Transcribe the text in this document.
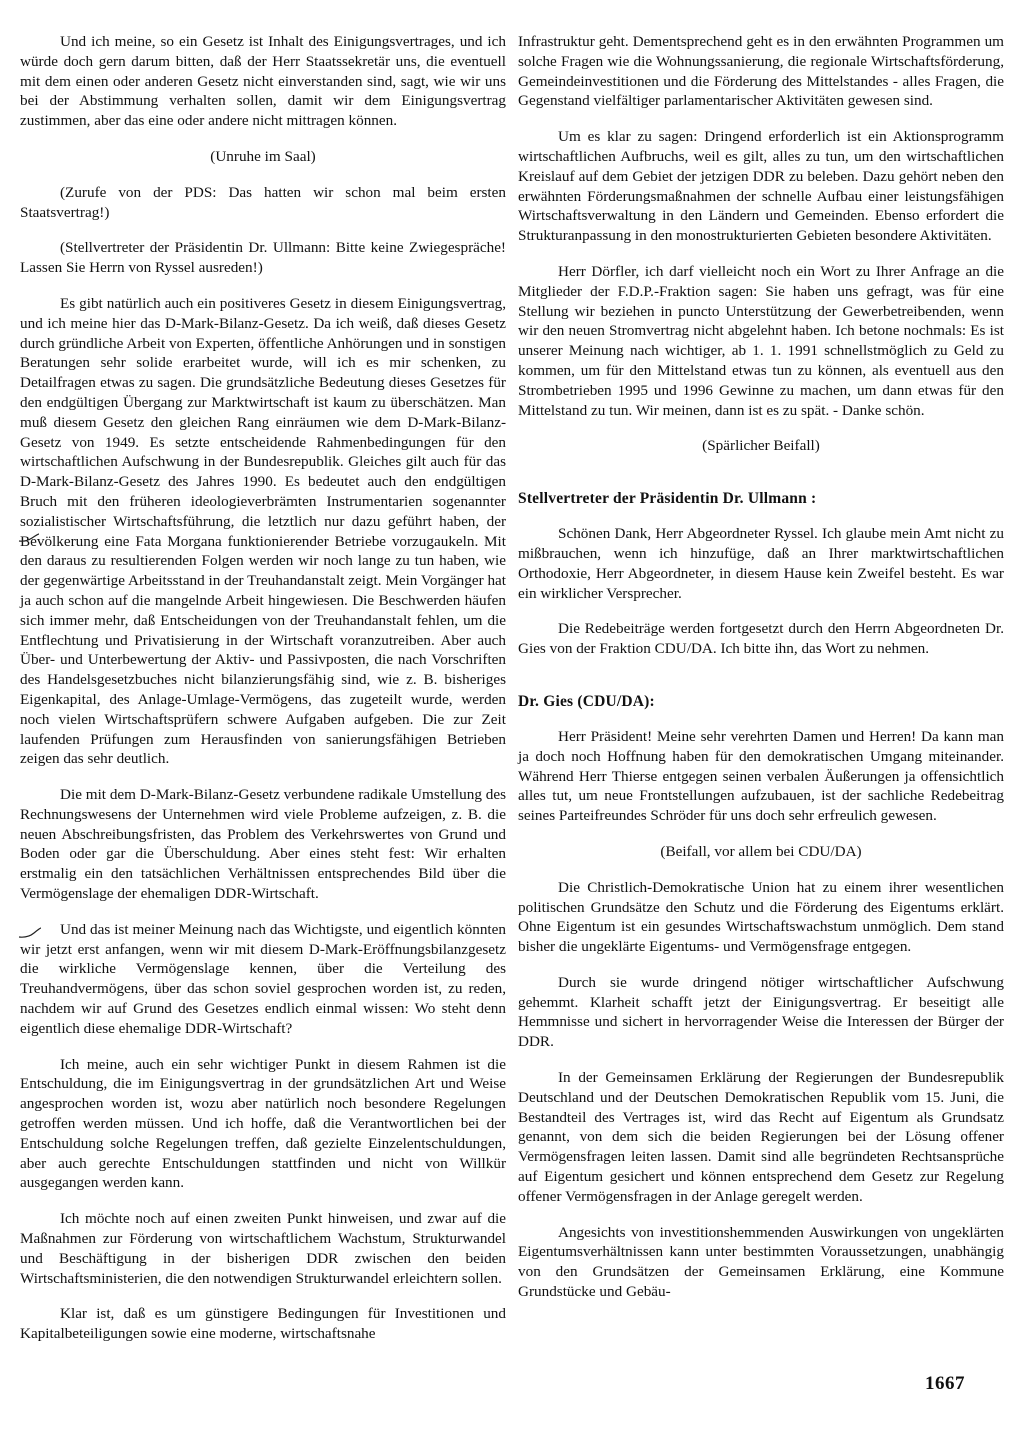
Und ich meine, so ein Gesetz ist Inhalt des Einigungsvertrages, und ich würde doch gern darum bitten, daß der Herr Staatssekretär uns, die eventuell mit dem einen oder anderen Gesetz nicht einverstanden sind, sagt, wie wir uns bei der Abstimmung verhalten sollen, damit wir dem Einigungsvertrag zustimmen, aber das eine oder andere nicht mittragen können.

(Unruhe im Saal)

(Zurufe von der PDS: Das hatten wir schon mal beim ersten Staatsvertrag!)

(Stellvertreter der Präsidentin Dr. Ullmann: Bitte keine Zwiegespräche! Lassen Sie Herrn von Ryssel ausreden!)

Es gibt natürlich auch ein positiveres Gesetz in diesem Einigungsvertrag, und ich meine hier das D-Mark-Bilanz-Gesetz. Da ich weiß, daß dieses Gesetz durch gründliche Arbeit von Experten, öffentliche Anhörungen und in sonstigen Beratungen sehr solide erarbeitet wurde, will ich es mir schenken, zu Detailfragen etwas zu sagen. Die grundsätzliche Bedeutung dieses Gesetzes für den endgültigen Übergang zur Marktwirtschaft ist kaum zu überschätzen. Man muß diesem Gesetz den gleichen Rang einräumen wie dem D-Mark-Bilanz-Gesetz von 1949. Es setzte entscheidende Rahmenbedingungen für den wirtschaftlichen Aufschwung in der Bundesrepublik. Gleiches gilt auch für das D-Mark-Bilanz-Gesetz des Jahres 1990. Es bedeutet auch den endgültigen Bruch mit den früheren ideologieverbrämten Instrumentarien sogenannter sozialistischer Wirtschaftsführung, die letztlich nur dazu geführt haben, der Bevölkerung eine Fata Morgana funktionierender Betriebe vorzugaukeln. Mit den daraus zu resultierenden Folgen werden wir noch lange zu tun haben, wie der gegenwärtige Arbeitsstand in der Treuhandanstalt zeigt. Mein Vorgänger hat ja auch schon auf die mangelnde Arbeit hingewiesen. Die Beschwerden häufen sich immer mehr, daß Entscheidungen von der Treuhandanstalt fehlen, um die Entflechtung und Privatisierung in der Wirtschaft voranzutreiben. Aber auch Über- und Unterbewertung der Aktiv- und Passivposten, die nach Vorschriften des Handelsgesetzbuches nicht bilanzierungsfähig sind, wie z. B. bisheriges Eigenkapital, des Anlage-Umlage-Vermögens, das zugeteilt wurde, werden noch vielen Wirtschaftsprüfern schwere Aufgaben aufgeben. Die zur Zeit laufenden Prüfungen zum Herausfinden von sanierungsfähigen Betrieben zeigen das sehr deutlich.

Die mit dem D-Mark-Bilanz-Gesetz verbundene radikale Umstellung des Rechnungswesens der Unternehmen wird viele Probleme aufzeigen, z. B. die neuen Abschreibungsfristen, das Problem des Verkehrswertes von Grund und Boden oder gar die Überschuldung. Aber eines steht fest: Wir erhalten erstmalig ein den tatsächlichen Verhältnissen entsprechendes Bild über die Vermögenslage der ehemaligen DDR-Wirtschaft.

Und das ist meiner Meinung nach das Wichtigste, und eigentlich könnten wir jetzt erst anfangen, wenn wir mit diesem D-Mark-Eröffnungsbilanzgesetz die wirkliche Vermögenslage kennen, über die Verteilung des Treuhandvermögens, über das schon soviel gesprochen worden ist, zu reden, nachdem wir auf Grund des Gesetzes endlich einmal wissen: Wo steht denn eigentlich diese ehemalige DDR-Wirtschaft?

Ich meine, auch ein sehr wichtiger Punkt in diesem Rahmen ist die Entschuldung, die im Einigungsvertrag in der grundsätzlichen Art und Weise angesprochen worden ist, wozu aber natürlich noch besondere Regelungen getroffen werden müssen. Und ich hoffe, daß die Verantwortlichen bei der Entschuldung solche Regelungen treffen, daß gezielte Einzelentschuldungen, aber auch gerechte Entschuldungen stattfinden und nicht von Willkür ausgegangen werden kann.

Ich möchte noch auf einen zweiten Punkt hinweisen, und zwar auf die Maßnahmen zur Förderung von wirtschaftlichem Wachstum, Strukturwandel und Beschäftigung in der bisherigen DDR zwischen den beiden Wirtschaftsministerien, die den notwendigen Strukturwandel erleichtern sollen.

Klar ist, daß es um günstigere Bedingungen für Investitionen und Kapitalbeteiligungen sowie eine moderne, wirtschaftsnahe

Infrastruktur geht. Dementsprechend geht es in den erwähnten Programmen um solche Fragen wie die Wohnungssanierung, die regionale Wirtschaftsförderung, Gemeindeinvestitionen und die Förderung des Mittelstandes - alles Fragen, die Gegenstand vielfältiger parlamentarischer Aktivitäten gewesen sind.

Um es klar zu sagen: Dringend erforderlich ist ein Aktionsprogramm wirtschaftlichen Aufbruchs, weil es gilt, alles zu tun, um den wirtschaftlichen Kreislauf auf dem Gebiet der jetzigen DDR zu beleben. Dazu gehört neben den erwähnten Förderungsmaßnahmen der schnelle Aufbau einer leistungsfähigen Wirtschaftsverwaltung in den Ländern und Gemeinden. Ebenso erfordert die Strukturanpassung in den monostrukturierten Gebieten besondere Aktivitäten.

Herr Dörfler, ich darf vielleicht noch ein Wort zu Ihrer Anfrage an die Mitglieder der F.D.P.-Fraktion sagen: Sie haben uns gefragt, was für eine Stellung wir beziehen in puncto Unterstützung der Gewerbetreibenden, wenn wir den neuen Stromvertrag nicht abgelehnt haben. Ich betone nochmals: Es ist unserer Meinung nach wichtiger, ab 1. 1. 1991 schnellstmöglich zu Geld zu kommen, um für den Mittelstand etwas tun zu können, als eventuell aus den Strombetrieben 1995 und 1996 Gewinne zu machen, um dann etwas für den Mittelstand zu tun. Wir meinen, dann ist es zu spät. - Danke schön.

(Spärlicher Beifall)

Stellvertreter der Präsidentin Dr. Ullmann :

Schönen Dank, Herr Abgeordneter Ryssel. Ich glaube mein Amt nicht zu mißbrauchen, wenn ich hinzufüge, daß an Ihrer marktwirtschaftlichen Orthodoxie, Herr Abgeordneter, in diesem Hause kein Zweifel besteht. Es war ein wirklicher Versprecher.

Die Redebeiträge werden fortgesetzt durch den Herrn Abgeordneten Dr. Gies von der Fraktion CDU/DA. Ich bitte ihn, das Wort zu nehmen.

Dr. Gies (CDU/DA):

Herr Präsident! Meine sehr verehrten Damen und Herren! Da kann man ja doch noch Hoffnung haben für den demokratischen Umgang miteinander. Während Herr Thierse entgegen seinen verbalen Äußerungen ja offensichtlich alles tut, um neue Frontstellungen aufzubauen, ist der sachliche Redebeitrag seines Parteifreundes Schröder für uns doch sehr erfreulich gewesen.

(Beifall, vor allem bei CDU/DA)

Die Christlich-Demokratische Union hat zu einem ihrer wesentlichen politischen Grundsätze den Schutz und die Förderung des Eigentums erklärt. Ohne Eigentum ist ein gesundes Wirtschaftswachstum unmöglich. Dem stand bisher die ungeklärte Eigentums- und Vermögensfrage entgegen.

Durch sie wurde dringend nötiger wirtschaftlicher Aufschwung gehemmt. Klarheit schafft jetzt der Einigungsvertrag. Er beseitigt alle Hemmnisse und sichert in hervorragender Weise die Interessen der Bürger der DDR.

In der Gemeinsamen Erklärung der Regierungen der Bundesrepublik Deutschland und der Deutschen Demokratischen Republik vom 15. Juni, die Bestandteil des Vertrages ist, wird das Recht auf Eigentum als Grundsatz genannt, von dem sich die beiden Regierungen bei der Lösung offener Vermögensfragen leiten lassen. Damit sind alle begründeten Rechtsansprüche auf Eigentum gesichert und können entsprechend dem Gesetz zur Regelung offener Vermögensfragen in der Anlage geregelt werden.

Angesichts von investitionshemmenden Auswirkungen von ungeklärten Eigentumsverhältnissen kann unter bestimmten Voraussetzungen, unabhängig von den Grundsätzen der Gemeinsamen Erklärung, eine Kommune Grundstücke und Gebäu-

1667
